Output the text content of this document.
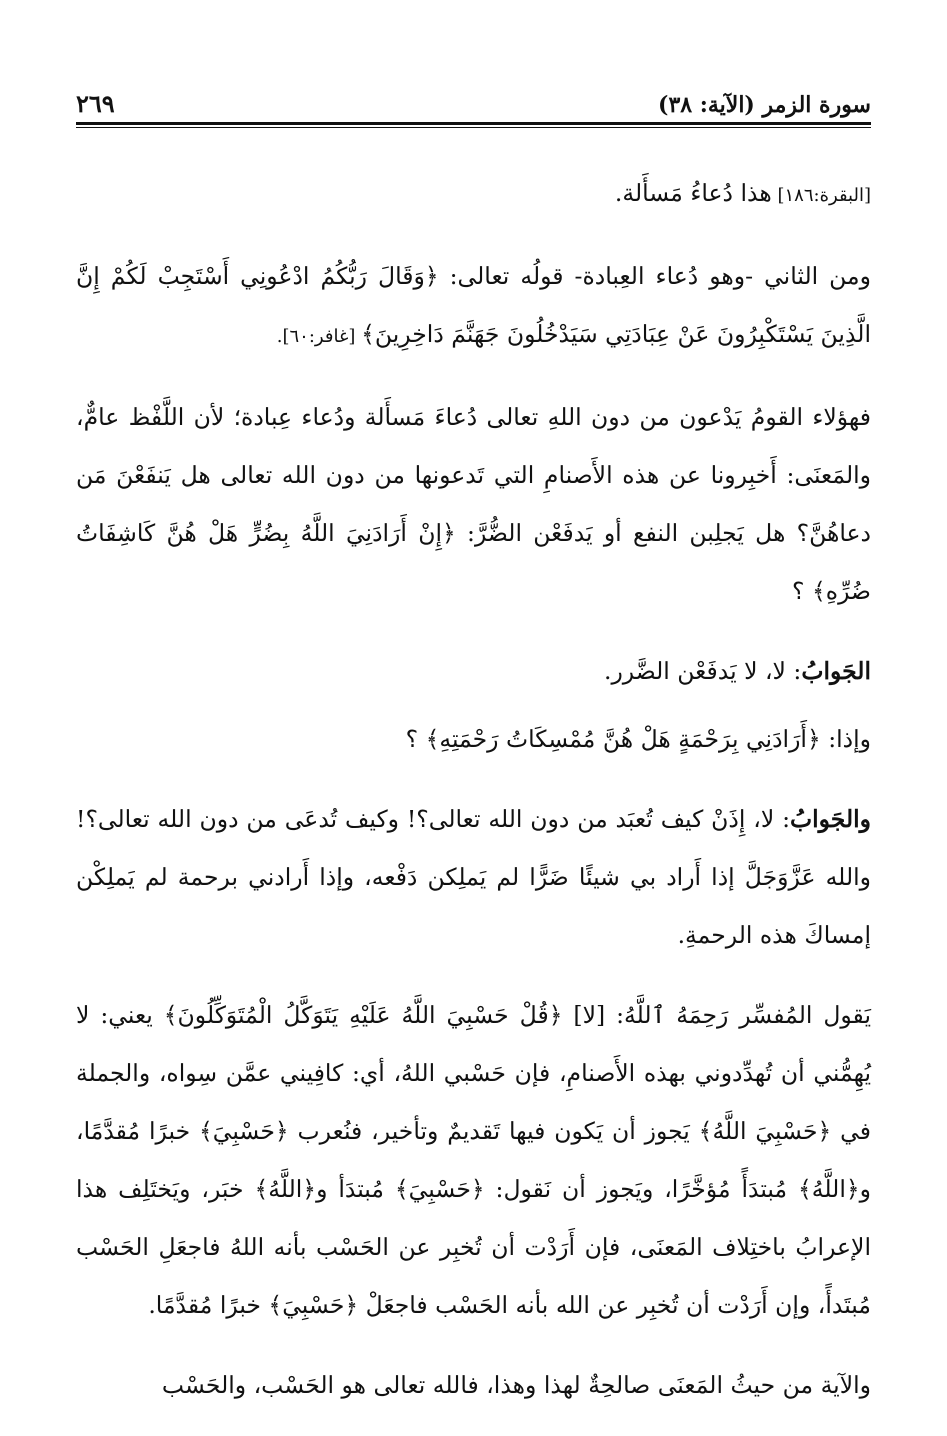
سورة الزمر (الآية: ٣٨)
٢٦٩

[البقرة:١٨٦] هذا دُعاءُ مَسأَلة.

ومن الثاني -وهو دُعاء العِبادة- قولُه تعالى: ﴿وَقَالَ رَبُّكُمُ ادْعُونِي أَسْتَجِبْ لَكُمْ إِنَّ الَّذِينَ يَسْتَكْبِرُونَ عَنْ عِبَادَتِي سَيَدْخُلُونَ جَهَنَّمَ دَاخِرِينَ﴾ [غافر:٦٠].

فهؤلاء القومُ يَدْعون من دون اللهِ تعالى دُعاءَ مَسأَلة ودُعاء عِبادة؛ لأن اللَّفْظ عامٌّ، والمَعنَى: أَخبِرونا عن هذه الأَصنامِ التي تَدعونها من دون الله تعالى هل يَنفَعْنَ مَن دعاهُنَّ؟ هل يَجلِبن النفع أو يَدفَعْن الضُّرَّ: ﴿إِنْ أَرَادَنِيَ اللَّهُ بِضُرٍّ هَلْ هُنَّ كَاشِفَاتُ ضُرِّهِ﴾ ؟

الجَوابُ: لا، لا يَدفَعْن الضَّرر.

وإذا: ﴿أَرَادَنِي بِرَحْمَةٍ هَلْ هُنَّ مُمْسِكَاتُ رَحْمَتِهِ﴾ ؟

والجَوابُ: لا، إِذَنْ كيف تُعبَد من دون الله تعالى؟! وكيف تُدعَى من دون الله تعالى؟! والله عَزَّوَجَلَّ إذا أَراد بي شيئًا ضَرًّا لم يَملِكن دَفْعه، وإذا أَرادني برحمة لم يَملِكْن إمساكَ هذه الرحمةِ.

يَقول المُفسِّر رَحِمَهُ ٱللَّهُ: [لا] ﴿قُلْ حَسْبِيَ اللَّهُ عَلَيْهِ يَتَوَكَّلُ الْمُتَوَكِّلُونَ﴾ يعني: لا يُهِمُّني أن تُهدِّدوني بهذه الأَصنامِ، فإن حَسْبي اللهُ، أي: كافِيني عمَّن سِواه، والجملة في ﴿حَسْبِيَ اللَّهُ﴾ يَجوز أن يَكون فيها تَقديمٌ وتأخير، فنُعرب ﴿حَسْبِيَ﴾ خبرًا مُقدَّمًا، و﴿اللَّهُ﴾ مُبتدَأً مُؤخَّرًا، ويَجوز أن نَقول: ﴿حَسْبِيَ﴾ مُبتدَأ و﴿اللَّهُ﴾ خبَر، ويَختَلِف هذا الإعرابُ باختِلاف المَعنَى، فإن أَرَدْت أن تُخبِر عن الحَسْب بأنه اللهُ فاجعَلِ الحَسْب مُبتَدأً، وإن أَرَدْت أن تُخبِر عن الله بأنه الحَسْب فاجعَلْ ﴿حَسْبِيَ﴾ خبرًا مُقدَّمًا.

والآية من حيثُ المَعنَى صالحِةٌ لهذا وهذا، فالله تعالى هو الحَسْب، والحَسْب
